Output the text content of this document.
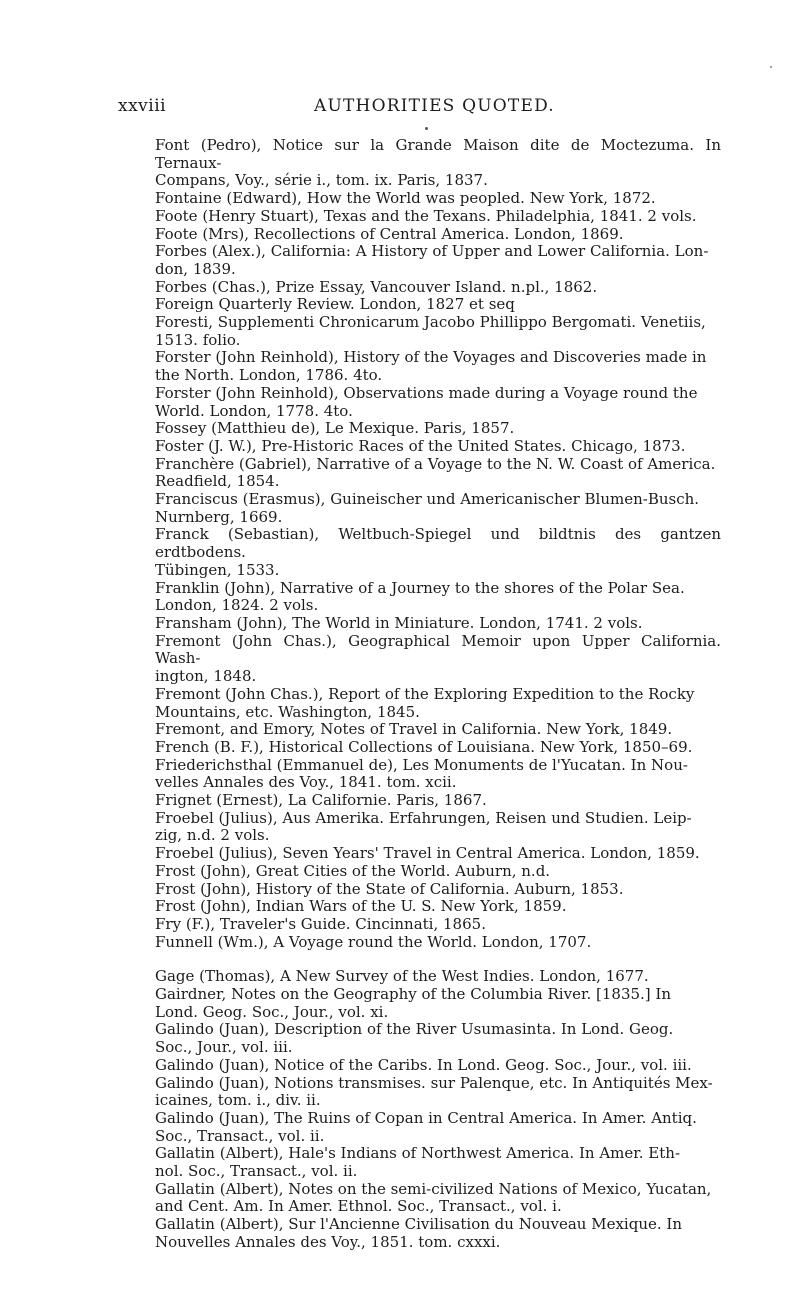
xxviii	AUTHORITIES QUOTED.
Font (Pedro), Notice sur la Grande Maison dite de Moctezuma. In Ternaux-
Compans, Voy., série i., tom. ix. Paris, 1837.
Fontaine (Edward), How the World was peopled. New York, 1872.
Foote (Henry Stuart), Texas and the Texans. Philadelphia, 1841. 2 vols.
Foote (Mrs), Recollections of Central America. London, 1869.
Forbes (Alex.), California: A History of Upper and Lower California. Lon-
don, 1839.
Forbes (Chas.), Prize Essay, Vancouver Island. n.pl., 1862.
Foreign Quarterly Review. London, 1827 et seq
Foresti, Supplementi Chronicarum Jacobo Phillippo Bergomati. Venetiis,
1513. folio.
Forster (John Reinhold), History of the Voyages and Discoveries made in
the North. London, 1786. 4to.
Forster (John Reinhold), Observations made during a Voyage round the
World. London, 1778. 4to.
Fossey (Matthieu de), Le Mexique. Paris, 1857.
Foster (J. W.), Pre-Historic Races of the United States. Chicago, 1873.
Franchère (Gabriel), Narrative of a Voyage to the N. W. Coast of America.
Readfield, 1854.
Franciscus (Erasmus), Guineischer und Americanischer Blumen-Busch.
Nurnberg, 1669.
Franck (Sebastian), Weltbuch-Spiegel und bildtnis des gantzen erdtbodens.
Tübingen, 1533.
Franklin (John), Narrative of a Journey to the shores of the Polar Sea.
London, 1824. 2 vols.
Fransham (John), The World in Miniature. London, 1741. 2 vols.
Fremont (John Chas.), Geographical Memoir upon Upper California. Wash-
ington, 1848.
Fremont (John Chas.), Report of the Exploring Expedition to the Rocky
Mountains, etc. Washington, 1845.
Fremont, and Emory, Notes of Travel in California. New York, 1849.
French (B. F.), Historical Collections of Louisiana. New York, 1850–69.
Friederichsthal (Emmanuel de), Les Monuments de l'Yucatan. In Nou-
velles Annales des Voy., 1841. tom. xcii.
Frignet (Ernest), La Californie. Paris, 1867.
Froebel (Julius), Aus Amerika. Erfahrungen, Reisen und Studien. Leip-
zig, n.d. 2 vols.
Froebel (Julius), Seven Years' Travel in Central America. London, 1859.
Frost (John), Great Cities of the World. Auburn, n.d.
Frost (John), History of the State of California. Auburn, 1853.
Frost (John), Indian Wars of the U. S. New York, 1859.
Fry (F.), Traveler's Guide. Cincinnati, 1865.
Funnell (Wm.), A Voyage round the World. London, 1707.
Gage (Thomas), A New Survey of the West Indies. London, 1677.
Gairdner, Notes on the Geography of the Columbia River. [1835.] In
Lond. Geog. Soc., Jour., vol. xi.
Galindo (Juan), Description of the River Usumasinta. In Lond. Geog.
Soc., Jour., vol. iii.
Galindo (Juan), Notice of the Caribs. In Lond. Geog. Soc., Jour., vol. iii.
Galindo (Juan), Notions transmises. sur Palenque, etc. In Antiquités Mex-
icaines, tom. i., div. ii.
Galindo (Juan), The Ruins of Copan in Central America. In Amer. Antiq.
Soc., Transact., vol. ii.
Gallatin (Albert), Hale's Indians of Northwest America. In Amer. Eth-
nol. Soc., Transact., vol. ii.
Gallatin (Albert), Notes on the semi-civilized Nations of Mexico, Yucatan,
and Cent. Am. In Amer. Ethnol. Soc., Transact., vol. i.
Gallatin (Albert), Sur l'Ancienne Civilisation du Nouveau Mexique. In
Nouvelles Annales des Voy., 1851. tom. cxxxi.
